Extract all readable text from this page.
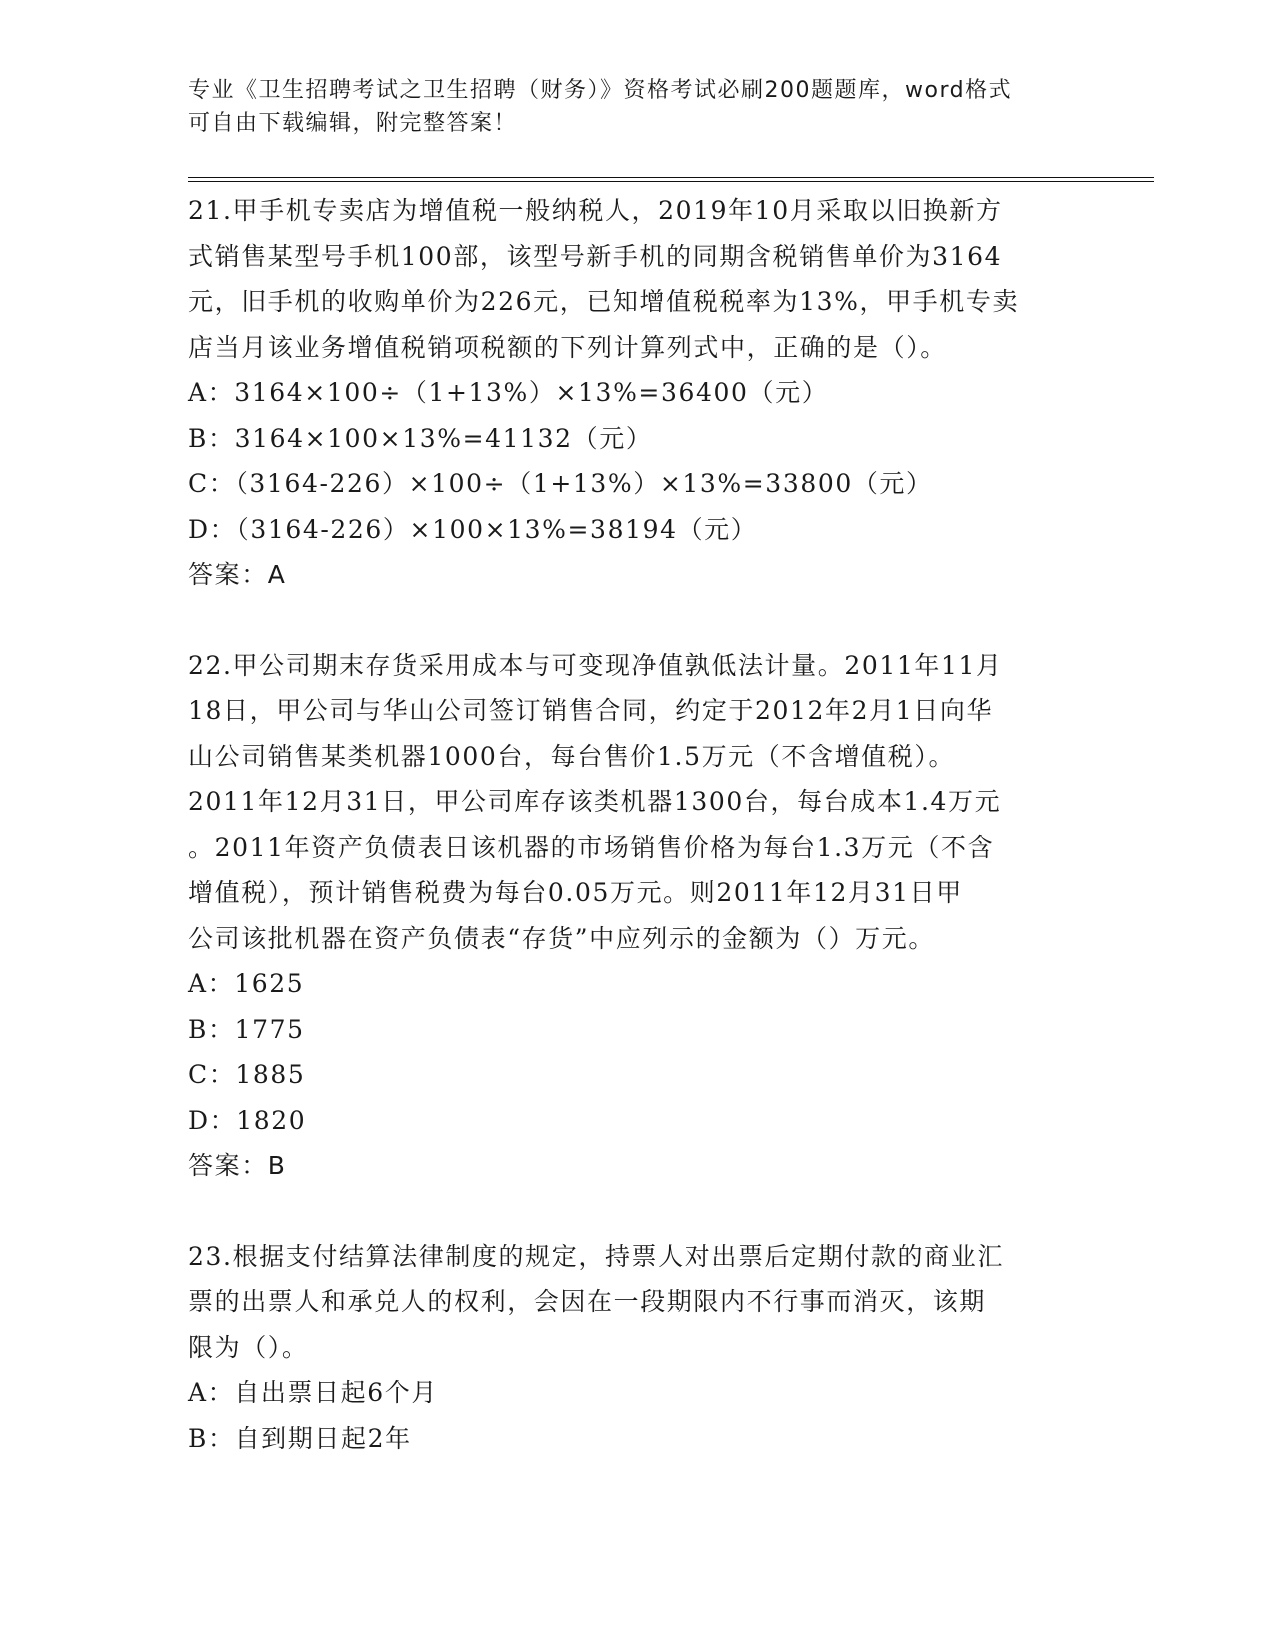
专业《卫生招聘考试之卫生招聘（财务）》资格考试必刷200题题库，word格式
可自由下载编辑，附完整答案！
21.甲手机专卖店为增值税一般纳税人，2019年10月采取以旧换新方
式销售某型号手机100部，该型号新手机的同期含税销售单价为3164
元，旧手机的收购单价为226元，已知增值税税率为13%，甲手机专卖
店当月该业务增值税销项税额的下列计算列式中，正确的是（）。
A：3164×100÷（1+13%）×13%=36400（元）
B：3164×100×13%=41132（元）
C：（3164-226）×100÷（1+13%）×13%=33800（元）
D：（3164-226）×100×13%=38194（元）
答案：A
22.甲公司期末存货采用成本与可变现净值孰低法计量。2011年11月
18日，甲公司与华山公司签订销售合同，约定于2012年2月1日向华
山公司销售某类机器1000台，每台售价1.5万元（不含增值税）。
2011年12月31日，甲公司库存该类机器1300台，每台成本1.4万元
。2011年资产负债表日该机器的市场销售价格为每台1.3万元（不含
增值税），预计销售税费为每台0.05万元。则2011年12月31日甲
公司该批机器在资产负债表“存货”中应列示的金额为（）万元。
A：1625
B：1775
C：1885
D：1820
答案：B
23.根据支付结算法律制度的规定，持票人对出票后定期付款的商业汇
票的出票人和承兑人的权利，会因在一段期限内不行事而消灭，该期
限为（）。
A：自出票日起6个月
B：自到期日起2年
